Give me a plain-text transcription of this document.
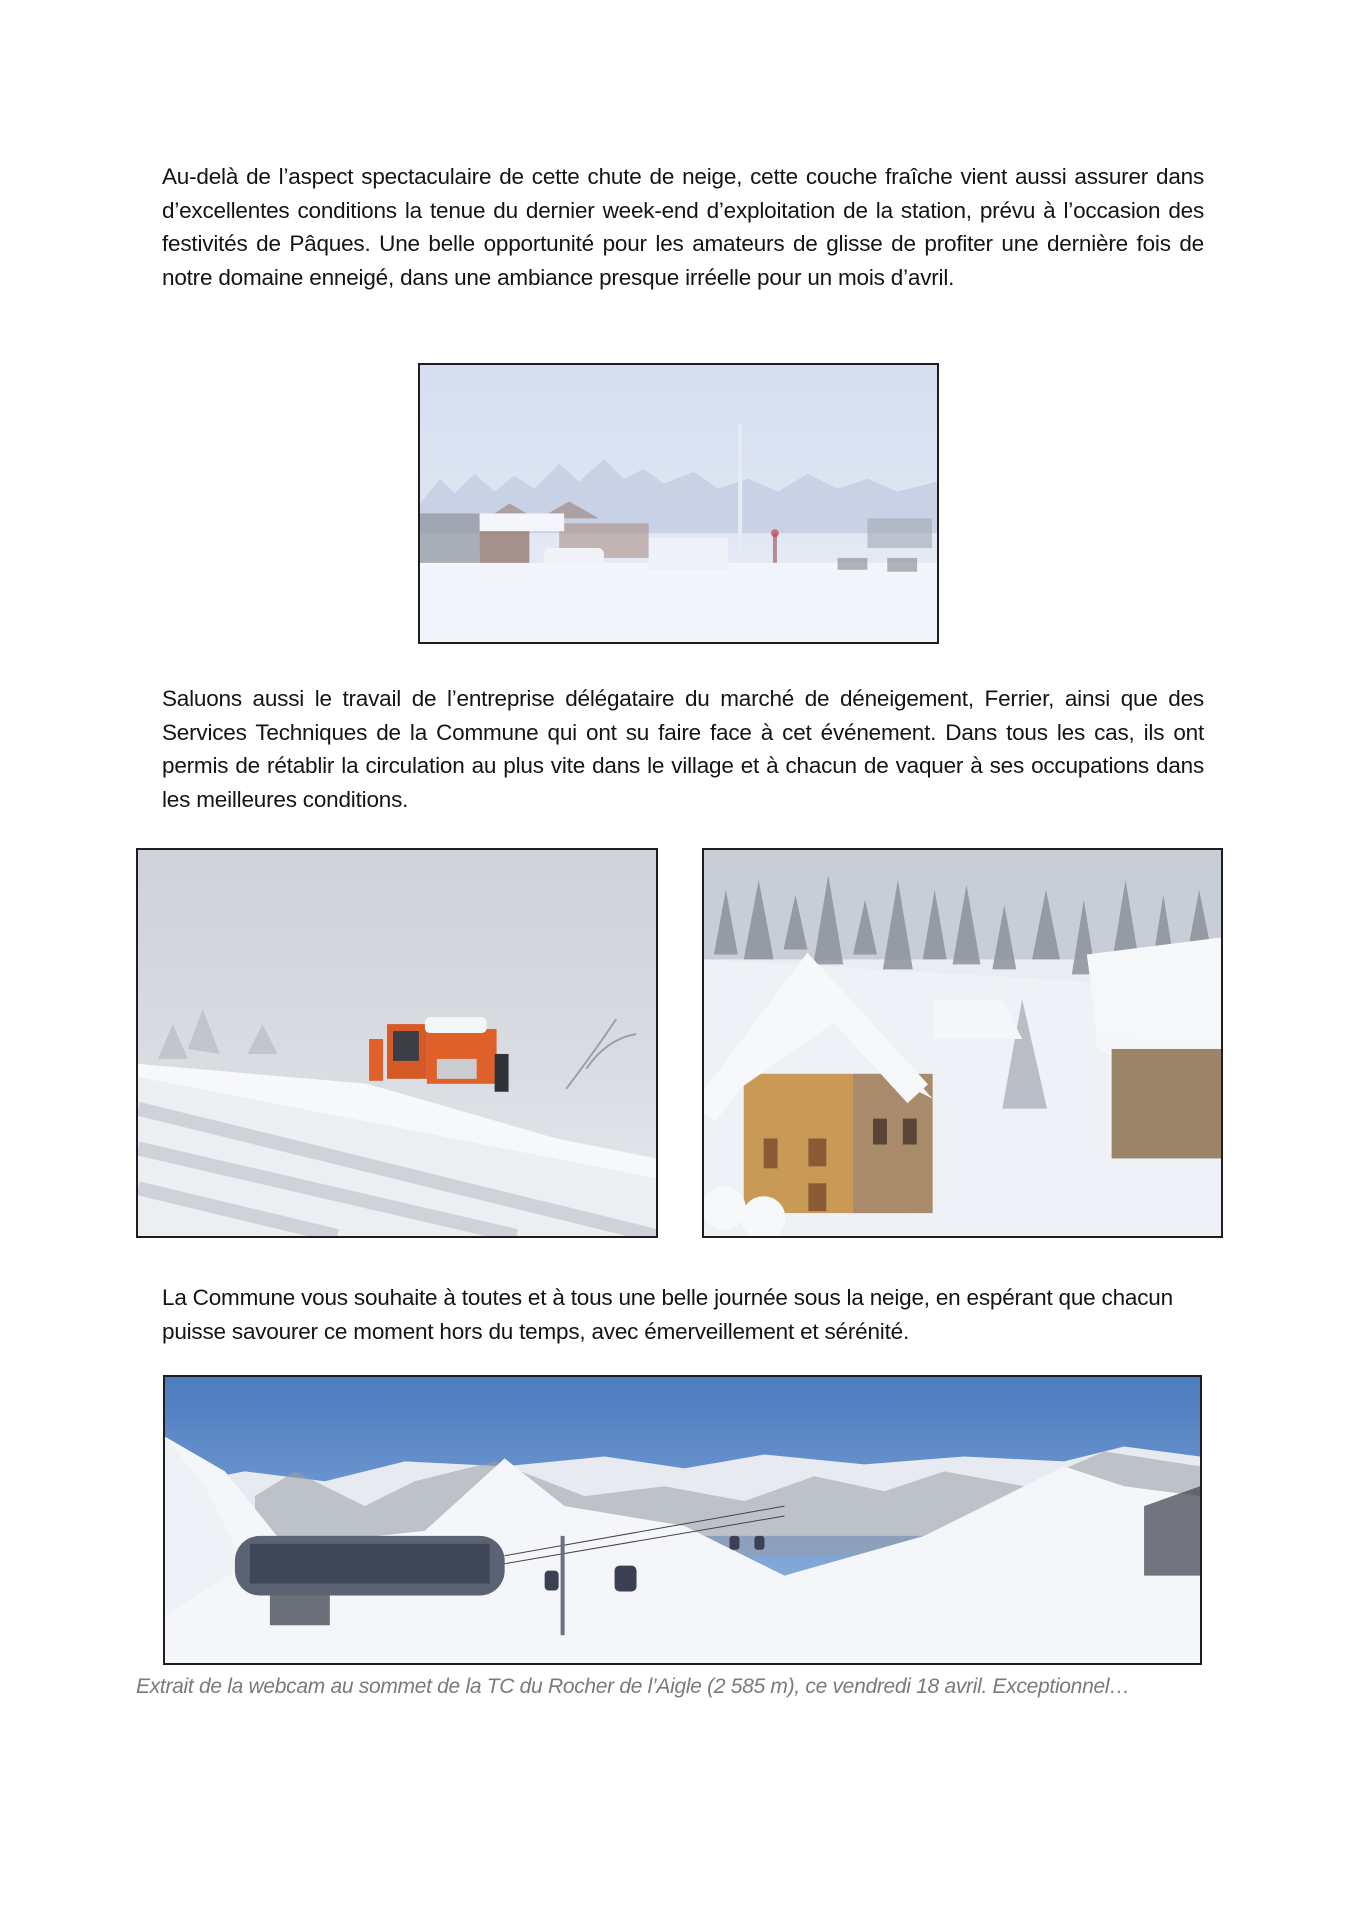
Au-delà de l’aspect spectaculaire de cette chute de neige, cette couche fraîche vient aussi assurer dans d’excellentes conditions la tenue du dernier week-end d’exploitation de la station, prévu à l’occasion des festivités de Pâques. Une belle opportunité pour les amateurs de glisse de profiter une dernière fois de notre domaine enneigé, dans une ambiance presque irréelle pour un mois d’avril.

Saluons aussi le travail de l’entreprise délégataire du marché de déneigement, Ferrier, ainsi que des Services Techniques de la Commune qui ont su faire face à cet événement. Dans tous les cas, ils ont permis de rétablir la circulation au plus vite dans le village et à chacun de vaquer à ses occupations dans les meilleures conditions.

La Commune vous souhaite à toutes et à tous une belle journée sous la neige, en espérant que chacun puisse savourer ce moment hors du temps, avec émerveillement et sérénité.

Extrait de la webcam au sommet de la TC du Rocher de l’Aigle (2 585 m), ce vendredi 18 avril. Exceptionnel…
